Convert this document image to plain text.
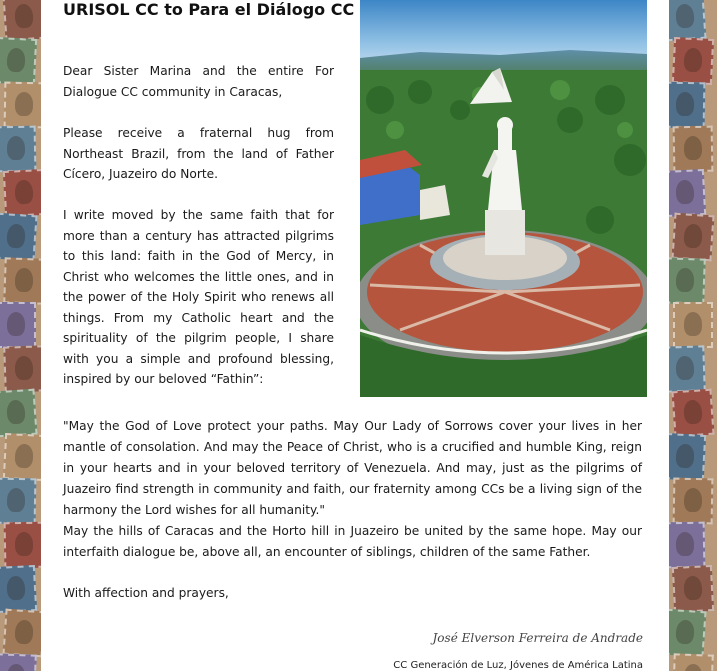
URISOL CC to Para el Diálogo CC

Dear Sister Marina and the entire For Dialogue CC community in Caracas,

Please receive a fraternal hug from Northeast Brazil, from the land of Father Cícero, Juazeiro do Norte.

I write moved by the same faith that for more than a century has attracted pilgrims to this land: faith in the God of Mercy, in Christ who welcomes the little ones, and in the power of the Holy Spirit who renews all things. From my Catholic heart and the spirituality of the pilgrim people, I share with you a simple and profound blessing, inspired by our beloved “Fathin”:

"May the God of Love protect your paths. May Our Lady of Sorrows cover your lives in her mantle of consolation. And may the Peace of Christ, who is a crucified and humble King, reign in your hearts and in your beloved territory of Venezuela. And may, just as the pilgrims of Juazeiro find strength in community and faith, our fraternity among CCs be a living sign of the harmony the Lord wishes for all humanity."

May the hills of Caracas and the Horto hill in Juazeiro be united by the same hope. May our interfaith dialogue be, above all, an encounter of siblings, children of the same Father.

With affection and prayers,

José Elverson Ferreira de Andrade
CC Generación de Luz, Jóvenes de América Latina
